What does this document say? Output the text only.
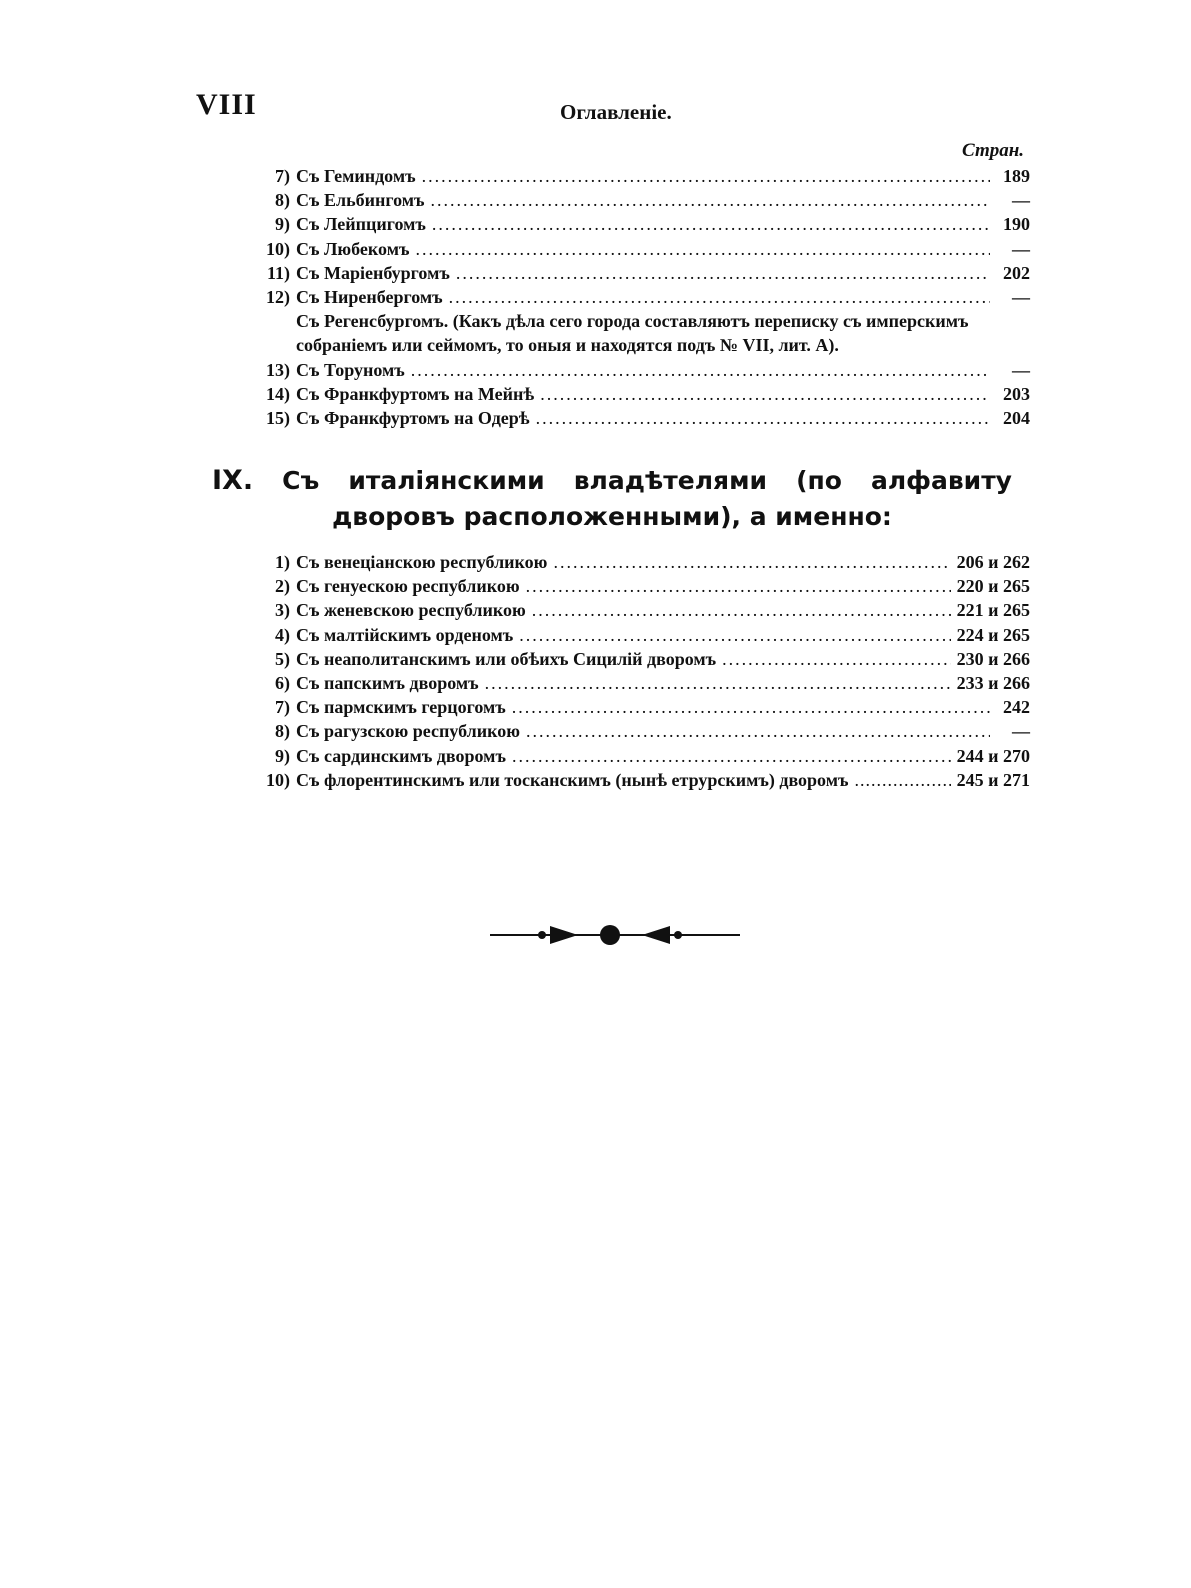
VIII	Оглавленіе.
Стран.
7) Съ Геминдомъ .....	189
8) Съ Ельбингомъ .....	—
9) Съ Лейпцигомъ .....	190
10) Съ Любекомъ .....	—
11) Съ Маріенбургомъ .....	202
12) Съ Ниренбергомъ .....	—
Съ Регенсбургомъ. (Какъ дѣла сего города составляютъ переписку съ имперскимъ собраніемъ или сеймомъ, то оныя и находятся подъ № VII, лит. А).
13) Съ Торуномъ .....	—
14) Съ Франкфуртомъ на Мейнѣ .....	203
15) Съ Франкфуртомъ на Одерѣ .....	204
IX. Съ италіянскими владѣтелями (по алфавиту дворовъ расположенными), а именно:
1) Съ венеціанскою республикою .....	206 и 262
2) Съ генуескою республикою .....	220 и 265
3) Съ женевскою республикою .....	221 и 265
4) Съ малтійскимъ орденомъ .....	224 и 265
5) Съ неаполитанскимъ или обѣихъ Сицилій дворомъ .....	230 и 266
6) Съ папскимъ дворомъ .....	233 и 266
7) Съ пармскимъ герцогомъ .....	242
8) Съ рагузскою республикою .....	—
9) Съ сардинскимъ дворомъ .....	244 и 270
10) Съ флорентинскимъ или тосканскимъ (нынѣ етрурскимъ) дворомъ .....	245 и 271
